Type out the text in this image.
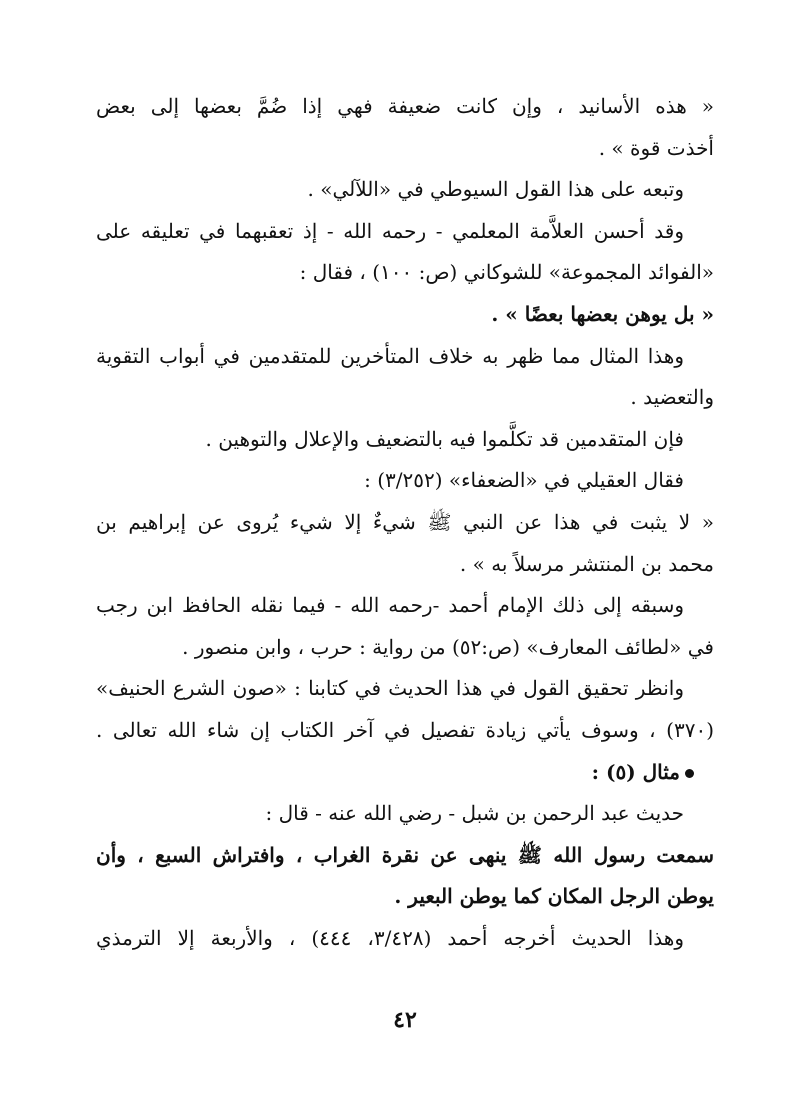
« هذه الأسانيد ، وإن كانت ضعيفة فهي إذا ضُمَّ بعضها إلى بعض
أخذت قوة » .
وتبعه على هذا القول السيوطي في «اللآلي» .
وقد أحسن العلاَّمة المعلمي - رحمه الله - إذ تعقبهما في تعليقه على
«الفوائد المجموعة» للشوكاني (ص: ١٠٠) ، فقال :
« بل يوهن بعضها بعضًا » .
وهذا المثال مما ظهر به خلاف المتأخرين للمتقدمين في أبواب التقوية
والتعضيد .
فإن المتقدمين قد تكلَّموا فيه بالتضعيف والإعلال والتوهين .
فقال العقيلي في «الضعفاء» (٣/٢٥٢) :
« لا يثبت في هذا عن النبي ﷺ شيءٌ إلا شيء يُروى عن إبراهيم بن
محمد بن المنتشر مرسلاً به » .
وسبقه إلى ذلك الإمام أحمد -رحمه الله - فيما نقله الحافظ ابن رجب
في «لطائف المعارف» (ص:٥٢) من رواية : حرب ، وابن منصور .
وانظر تحقيق القول في هذا الحديث في كتابنا : «صون الشرع الحنيف»
(٣٧٠) ، وسوف يأتي زيادة تفصيل في آخر الكتاب إن شاء الله تعالى .
مثال (٥) :
حديث عبد الرحمن بن شبل - رضي الله عنه - قال :
سمعت رسول الله ﷺ ينهى عن نقرة الغراب ، وافتراش السبع ، وأن
يوطن الرجل المكان كما يوطن البعير .
وهذا الحديث أخرجه أحمد (٣/٤٢٨، ٤٤٤) ، والأربعة إلا الترمذي
٤٢
